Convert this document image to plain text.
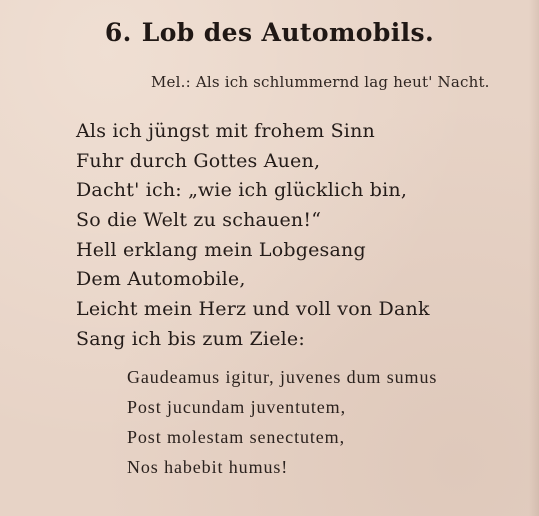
6. Lob des Automobils.
Mel.: Als ich schlummernd lag heut' Nacht.
Als ich jüngst mit frohem Sinn
Fuhr durch Gottes Auen,
Dacht' ich: „wie ich glücklich bin,
So die Welt zu schauen!“
Hell erklang mein Lobgesang
Dem Automobile,
Leicht mein Herz und voll von Dank
Sang ich bis zum Ziele:
Gaudeamus igitur, juvenes dum sumus
Post jucundam juventutem,
Post molestam senectutem,
Nos habebit humus!
